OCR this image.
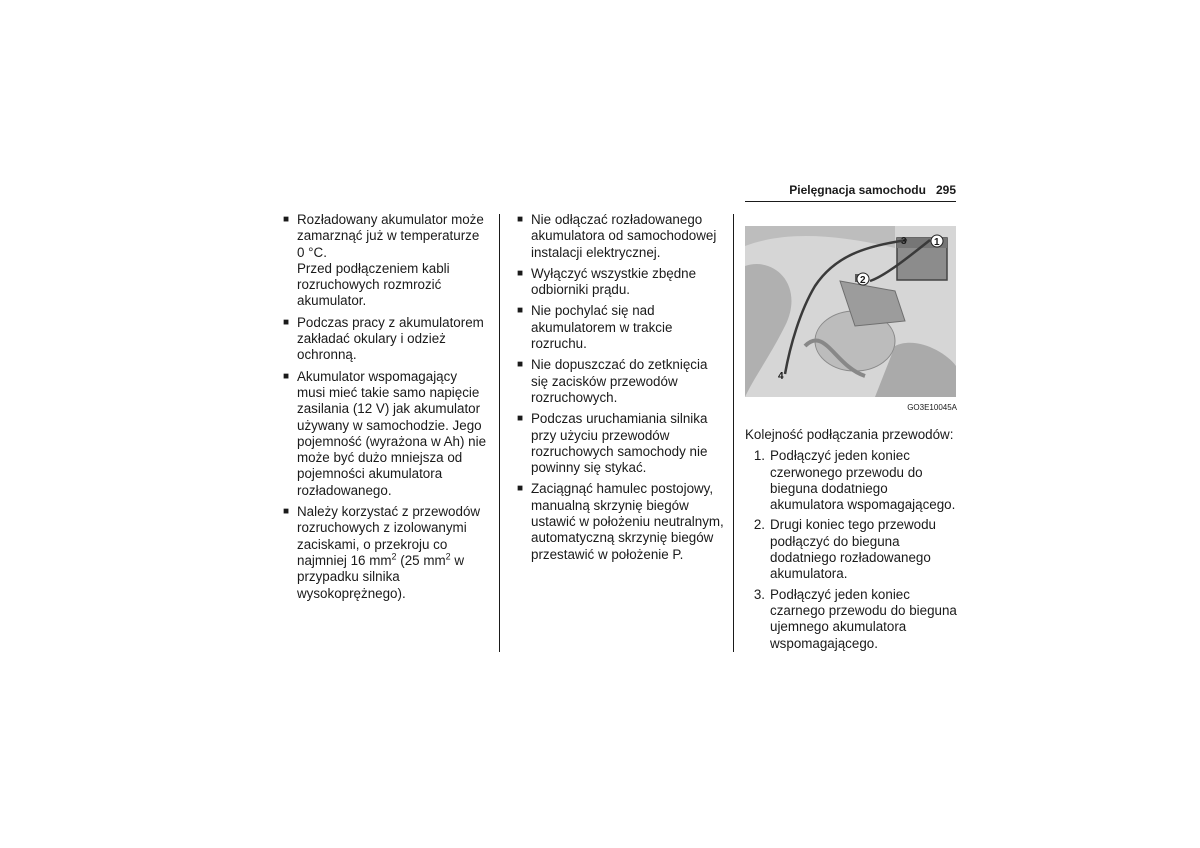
Pielęgnacja samochodu 295
■ Rozładowany akumulator może zamarznąć już w temperaturze 0 °C.

Przed podłączeniem kabli rozruchowych rozmrozić akumulator.

■ Podczas pracy z akumulatorem zakładać okulary i odzież ochronną.

■ Akumulator wspomagający musi mieć takie samo napięcie zasilania (12 V) jak akumulator używany w samochodzie. Jego pojemność (wyrażona w Ah) nie może być dużo mniejsza od pojemności akumulatora rozładowanego.

■ Należy korzystać z przewodów rozruchowych z izolowanymi zaciskami, o przekroju co najmniej 16 $mm^2$ (25 $mm^2$ w przypadku silnika wysokoprężnego).

■ Nie odłączać rozładowanego akumulatora od samochodowej instalacji elektrycznej.
■ Wyłączyć wszystkie zbędne odbiorniki prądu.
■ Nie pochylać się nad akumulatorem w trakcie rozruchu.
■ Nie dopuszczać do zetknięcia się zacisków przewodów rozruchowych.
■ Podczas uruchamiania silnika przy użyciu przewodów rozruchowych samochody nie powinny się stykać.
■ Zaciągnąć hamulec postojowy, manualną skrzynię biegów ustawić w położeniu neutralnym, automatyczną skrzynię biegów przestawić w położenie P.
1
2
3
4
GO3E10045A
Kolejność podłączania przewodów:
1. Podłączyć jeden koniec czerwonego przewodu do bieguna dodatniego akumulatora wspomagającego.
2. Drugi koniec tego przewodu podłączyć do bieguna dodatniego rozładowanego akumulatora.
3. Podłączyć jeden koniec czarnego przewodu do bieguna ujemnego akumulatora wspomagającego.
